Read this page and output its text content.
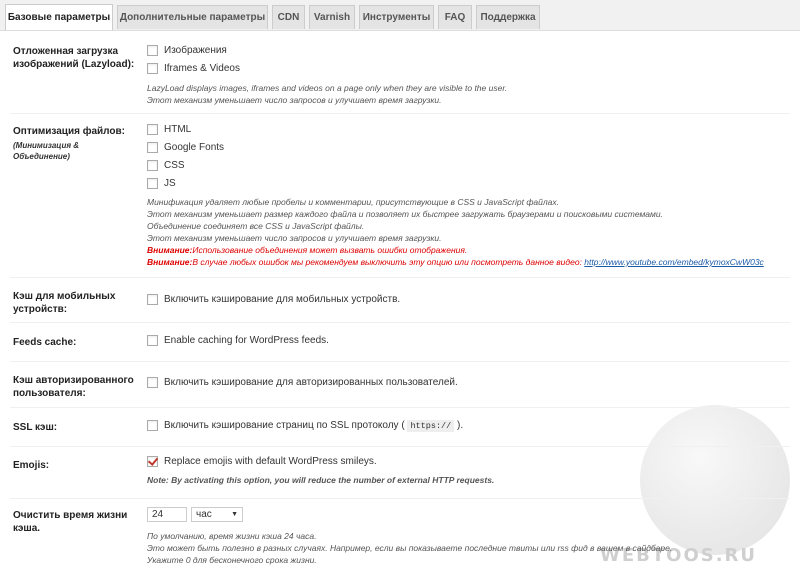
Базовые параметры Дополнительные параметры	CDN	Varnish	Инструменты	FAQ	Поддержка
WEBTOOS.RU
Отложенная загрузка изображений (Lazyload):
Изображения
Iframes & Videos
LazyLoad displays images, iframes and videos on a page only when they are visible to the user.
Этот механизм уменьшает число запросов и улучшает время загрузки.
Оптимизация файлов:
(Минимизация & Объединение)
HTML
Google Fonts
CSS
JS
Минификация удаляет любые пробелы и комментарии, присутствующие в CSS и JavaScript файлах.
Этот механизм уменьшает размер каждого файла и позволяет их быстрее загружать браузерами и поисковыми системами.
Объединение соединяет все CSS и JavaScript файлы.
Этот механизм уменьшает число запросов и улучшает время загрузки.
Внимание:Использование объединения может вызвать ошибки отображения.
Внимание:В случае любых ошибок мы рекомендуем выключить эту опцию или посмотреть данное видео: http://www.youtube.com/embed/kymoxCwW03c
Кэш для мобильных устройств:
Включить кэширование для мобильных устройств.
Feeds cache:	Enable caching for WordPress feeds.
Кэш авторизированного пользователя:
Включить кэширование для авторизированных пользователей.
SSL кэш:	Включить кэширование страниц по SSL протоколу (
https://
).
Emojis:	Replace emojis with default WordPress smileys.
Note: By activating this option, you will reduce the number of external HTTP requests.
Очистить время жизни кэша.
24	час	▼
По умолчанию, время жизни кэша 24 часа.
Это может быть полезно в разных случаях. Например, если вы показываете последние твиты или rss фид в вашем в сайдбаре.
Укажите 0 для бесконечного срока жизни.
